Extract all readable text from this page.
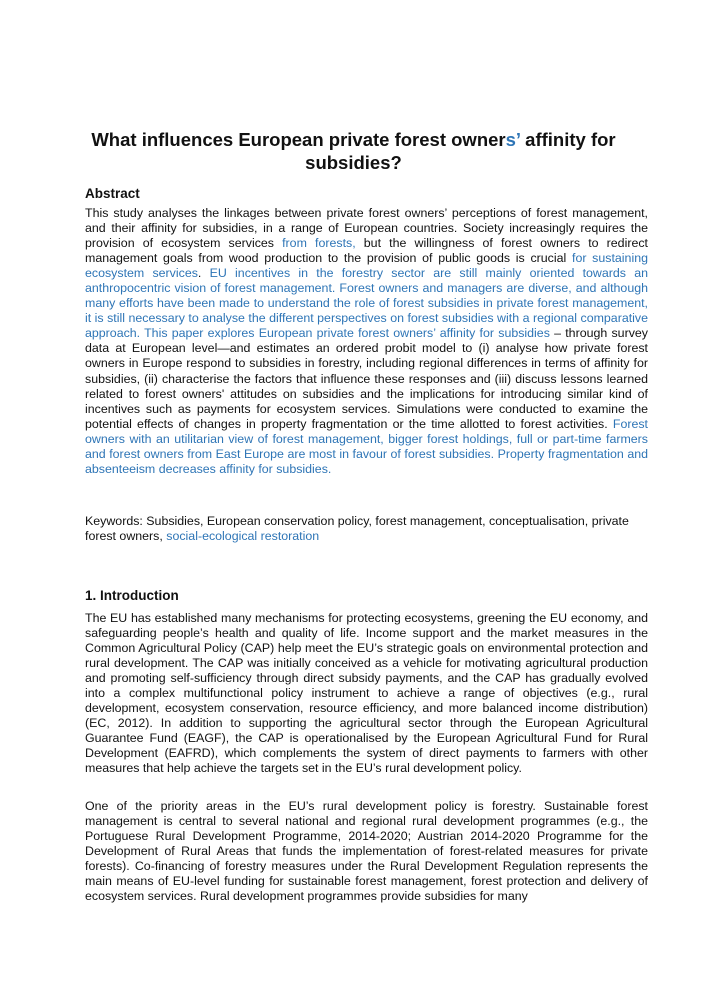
What influences European private forest owners’ affinity for subsidies?
Abstract

This study analyses the linkages between private forest owners’ perceptions of forest management, and their affinity for subsidies, in a range of European countries. Society increasingly requires the provision of ecosystem services from forests, but the willingness of forest owners to redirect management goals from wood production to the provision of public goods is crucial for sustaining ecosystem services. EU incentives in the forestry sector are still mainly oriented towards an anthropocentric vision of forest management. Forest owners and managers are diverse, and although many efforts have been made to understand the role of forest subsidies in private forest management, it is still necessary to analyse the different perspectives on forest subsidies with a regional comparative approach. This paper explores European private forest owners’ affinity for subsidies – through survey data at European level—and estimates an ordered probit model to (i) analyse how private forest owners in Europe respond to subsidies in forestry, including regional differences in terms of affinity for subsidies, (ii) characterise the factors that influence these responses and (iii) discuss lessons learned related to forest owners' attitudes on subsidies and the implications for introducing similar kind of incentives such as payments for ecosystem services. Simulations were conducted to examine the potential effects of changes in property fragmentation or the time allotted to forest activities. Forest owners with an utilitarian view of forest management, bigger forest holdings, full or part-time farmers and forest owners from East Europe are most in favour of forest subsidies. Property fragmentation and absenteeism decreases affinity for subsidies.

Keywords: Subsidies, European conservation policy, forest management, conceptualisation, private forest owners, social-ecological restoration

1. Introduction

The EU has established many mechanisms for protecting ecosystems, greening the EU economy, and safeguarding people’s health and quality of life. Income support and the market measures in the Common Agricultural Policy (CAP) help meet the EU’s strategic goals on environmental protection and rural development. The CAP was initially conceived as a vehicle for motivating agricultural production and promoting self-sufficiency through direct subsidy payments, and the CAP has gradually evolved into a complex multifunctional policy instrument to achieve a range of objectives (e.g., rural development, ecosystem conservation, resource efficiency, and more balanced income distribution) (EC, 2012). In addition to supporting the agricultural sector through the European Agricultural Guarantee Fund (EAGF), the CAP is operationalised by the European Agricultural Fund for Rural Development (EAFRD), which complements the system of direct payments to farmers with other measures that help achieve the targets set in the EU’s rural development policy.

One of the priority areas in the EU’s rural development policy is forestry. Sustainable forest management is central to several national and regional rural development programmes (e.g., the Portuguese Rural Development Programme, 2014-2020; Austrian 2014-2020 Programme for the Development of Rural Areas that funds the implementation of forest-related measures for private forests). Co-financing of forestry measures under the Rural Development Regulation represents the main means of EU-level funding for sustainable forest management, forest protection and delivery of ecosystem services. Rural development programmes provide subsidies for many
